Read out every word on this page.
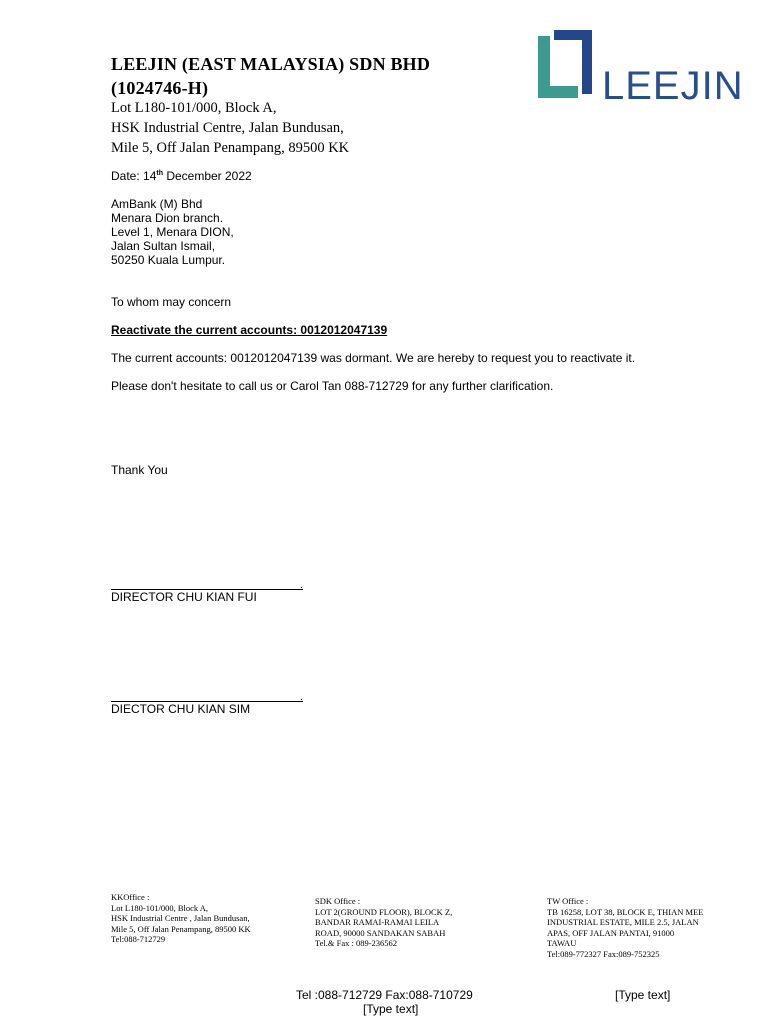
LEEJIN (EAST MALAYSIA) SDN BHD
(1024746-H)
Lot L180-101/000, Block A,
HSK Industrial Centre, Jalan Bundusan,
Mile 5, Off Jalan Penampang, 89500 KK
LEEJIN
Date: 14th December 2022
AmBank (M) Bhd
Menara Dion branch.
Level 1, Menara DION,
Jalan Sultan Ismail,
50250 Kuala Lumpur.
To whom may concern
Reactivate the current accounts: 0012012047139
The current accounts: 0012012047139 was dormant. We are hereby to request you to reactivate it.
Please don't hesitate to call us or Carol Tan 088-712729 for any further clarification.
Thank You
.
DIRECTOR CHU KIAN FUI
.
DIECTOR CHU KIAN SIM
KKOffice :
Lot L180-101/000, Block A,
HSK Industrial Centre , Jalan Bundusan,
Mile 5, Off Jalan Penampang, 89500 KK
Tel:088-712729
SDK Office :
LOT 2(GROUND FLOOR), BLOCK Z,
BANDAR RAMAI-RAMAI LEILA
ROAD, 90000 SANDAKAN SABAH
Tel.& Fax : 089-236562
TW Office :
TB 16258, LOT 38, BLOCK E, THIAN MEE
INDUSTRIAL ESTATE, MILE 2.5, JALAN
APAS, OFF JALAN PANTAI, 91000
TAWAU
Tel:089-772327 Fax:089-752325
Tel :088-712729 Fax:088-710729	[Type text]
[Type text]
